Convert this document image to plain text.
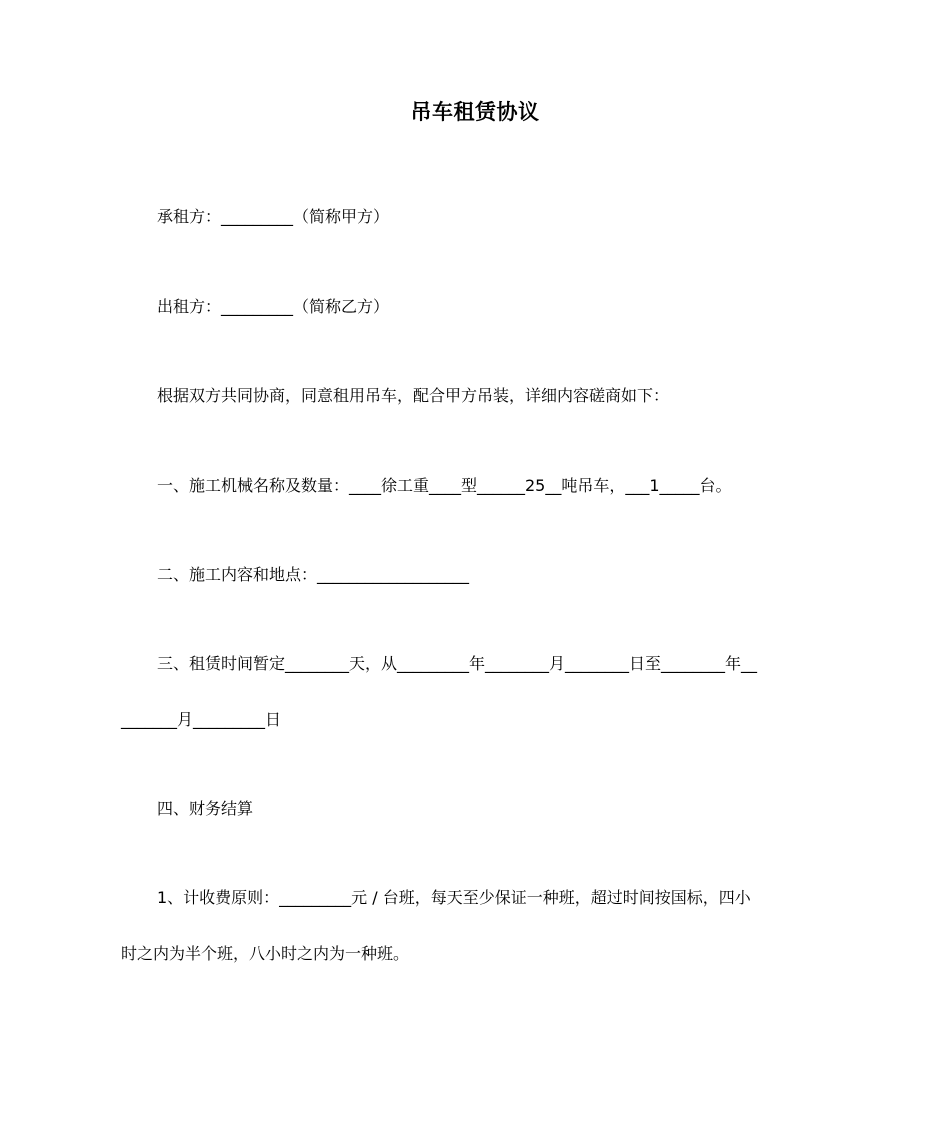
吊车租赁协议
承租方：_________（简称甲方）
出租方：_________（简称乙方）
根据双方共同协商，同意租用吊车，配合甲方吊装，详细内容磋商如下：
一、施工机械名称及数量：____徐工重____型______25__吨吊车，___1_____台。
二、施工内容和地点：___________________
三、租赁时间暂定________天，从_________年________月________日至________年__
_______月_________日
四、财务结算
1、计收费原则：_________元 / 台班，每天至少保证一种班，超过时间按国标，四小
时之内为半个班，八小时之内为一种班。
